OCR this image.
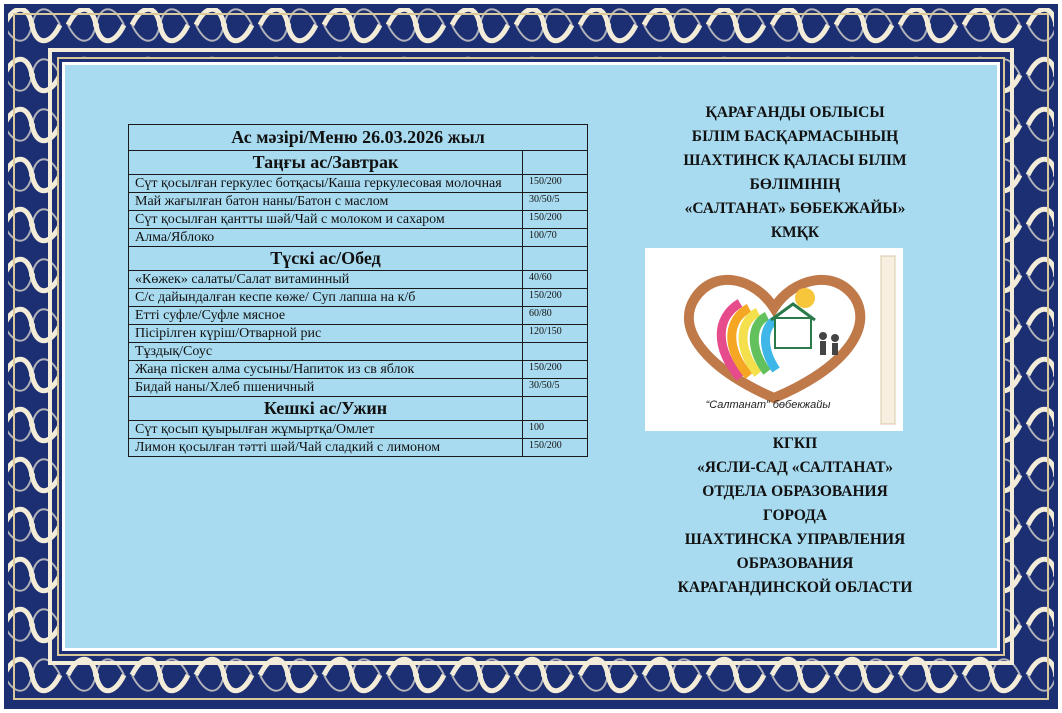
Ас мәзірі/Меню 26.03.2026 жыл	
Таңғы ас/Завтрак	
Сүт қосылған геркулес ботқасы/Каша геркулесовая молочная	150/200
Май жағылған батон наны/Батон с маслом	30/50/5
Сүт қосылған қантты шәй/Чай с молоком и сахаром	150/200
Алма/Яблоко	100/70
Түскі ас/Обед	
«Көжек» салаты/Салат витаминный	40/60
С/с дайындалған кеспе көже/ Суп лапша на к/б	150/200
Етті суфле/Суфле мясное	60/80
Пісірілген күріш/Отварной рис	120/150
Тұздық/Соус	
Жаңа піскен алма сусыны/Напиток из св яблок	150/200
Бидай наны/Хлеб пшеничный	30/50/5
Кешкі ас/Ужин	
Сүт қосып қуырылған жұмыртқа/Омлет	100
Лимон қосылған тәтті шәй/Чай сладкий с лимоном	150/200
ҚАРАҒАНДЫ ОБЛЫСЫ
БІЛІМ БАСҚАРМАСЫНЫҢ
ШАХТИНСК ҚАЛАСЫ БІЛІМ
БӨЛІМІНІҢ
«САЛТАНАТ» БӨБЕКЖАЙЫ»
КМҚК
“Салтанат” бөбекжайы
КГКП
«ЯСЛИ-САД «САЛТАНАТ»
ОТДЕЛА ОБРАЗОВАНИЯ
ГОРОДА
ШАХТИНСКА УПРАВЛЕНИЯ
ОБРАЗОВАНИЯ
КАРАГАНДИНСКОЙ ОБЛАСТИ
